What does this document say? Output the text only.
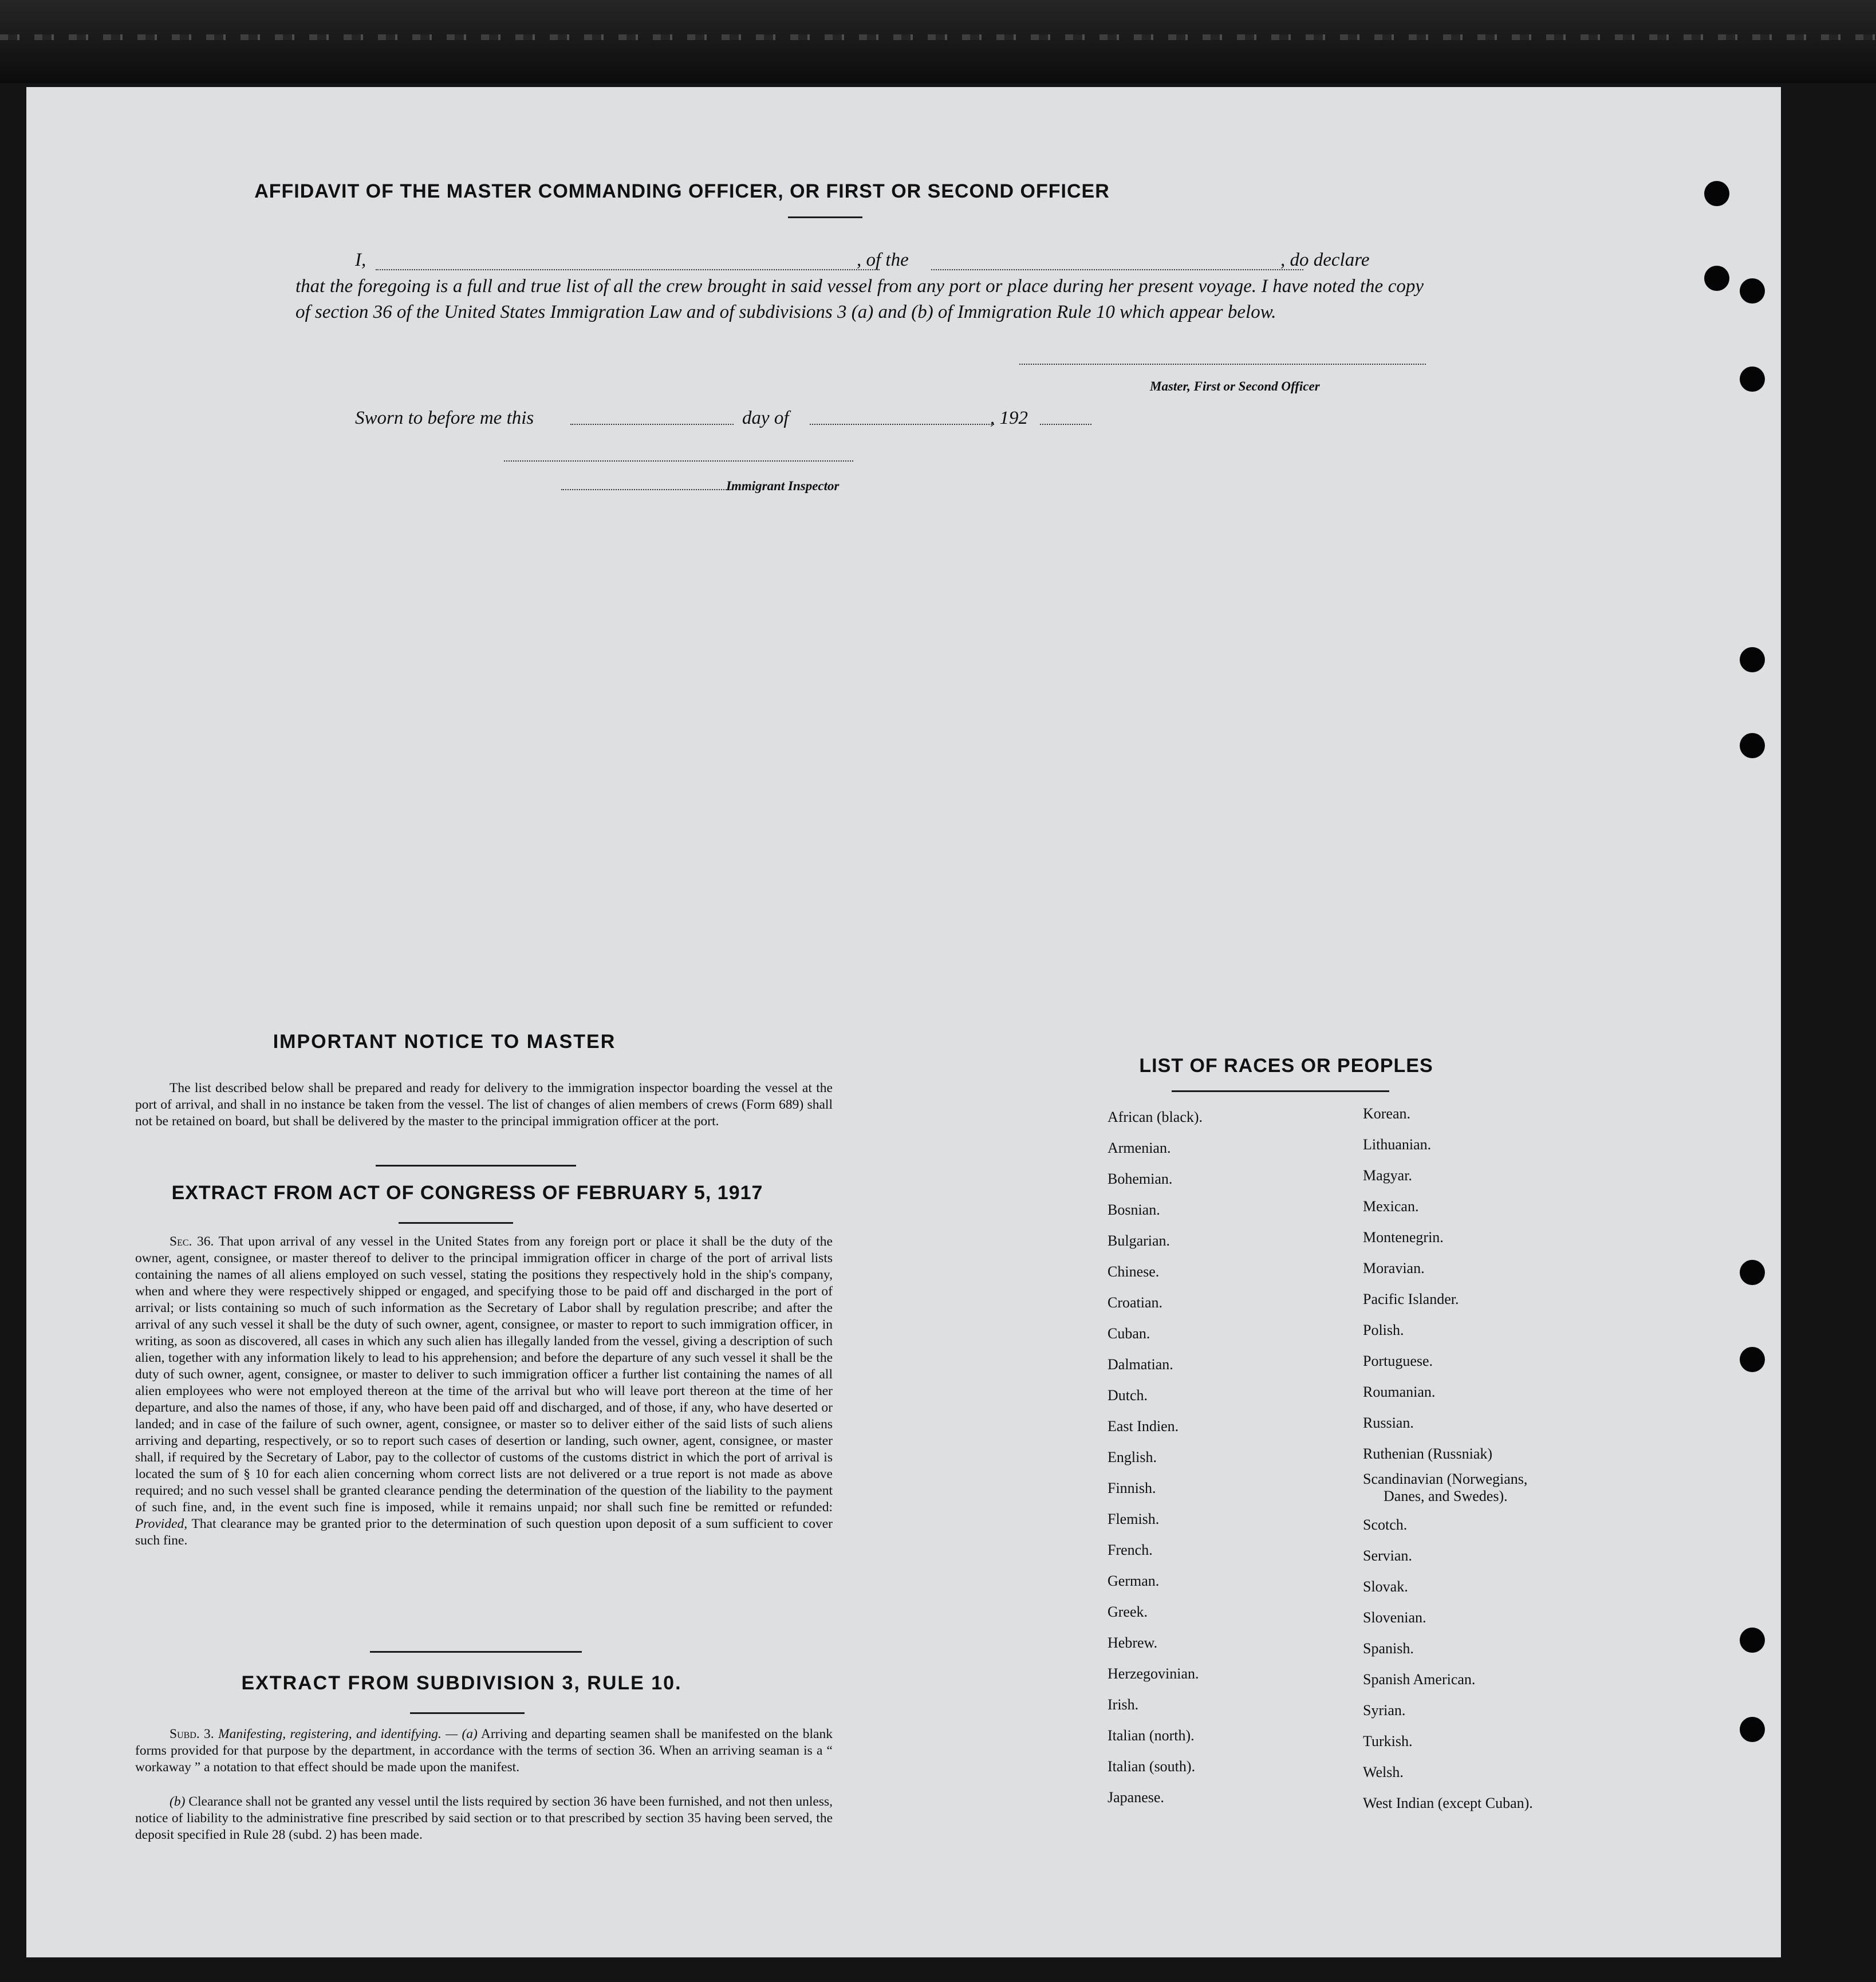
AFFIDAVIT OF THE MASTER COMMANDING OFFICER, OR FIRST OR SECOND OFFICER
I,	, of the	, do declare
that the foregoing is a full and true list of all the crew brought in said vessel from any port or place during her present voyage. I have noted the copy of section 36 of the United States Immigration Law and of subdivisions 3 (a) and (b) of Immigration Rule 10 which appear below.
Master, First or Second Officer
Sworn to before me this	day of	, 192
Immigrant Inspector
IMPORTANT NOTICE TO MASTER
The list described below shall be prepared and ready for delivery to the immigration inspector boarding the vessel at the port of arrival, and shall in no instance be taken from the vessel. The list of changes of alien members of crews (Form 689) shall not be retained on board, but shall be delivered by the master to the principal immigration officer at the port.
EXTRACT FROM ACT OF CONGRESS OF FEBRUARY 5, 1917
Sec. 36. That upon arrival of any vessel in the United States from any foreign port or place it shall be the duty of the owner, agent, consignee, or master thereof to deliver to the principal immigration officer in charge of the port of arrival lists containing the names of all aliens employed on such vessel, stating the positions they respectively hold in the ship's company, when and where they were respectively shipped or engaged, and specifying those to be paid off and discharged in the port of arrival; or lists containing so much of such information as the Secretary of Labor shall by regulation prescribe; and after the arrival of any such vessel it shall be the duty of such owner, agent, consignee, or master to report to such immigration officer, in writing, as soon as discovered, all cases in which any such alien has illegally landed from the vessel, giving a description of such alien, together with any information likely to lead to his apprehension; and before the departure of any such vessel it shall be the duty of such owner, agent, consignee, or master to deliver to such immigration officer a further list containing the names of all alien employees who were not employed thereon at the time of the arrival but who will leave port thereon at the time of her departure, and also the names of those, if any, who have been paid off and discharged, and of those, if any, who have deserted or landed; and in case of the failure of such owner, agent, consignee, or master so to deliver either of the said lists of such aliens arriving and departing, respectively, or so to report such cases of desertion or landing, such owner, agent, consignee, or master shall, if required by the Secretary of Labor, pay to the collector of customs of the customs district in which the port of arrival is located the sum of § 10 for each alien concerning whom correct lists are not delivered or a true report is not made as above required; and no such vessel shall be granted clearance pending the determination of the question of the liability to the payment of such fine, and, in the event such fine is imposed, while it remains unpaid; nor shall such fine be remitted or refunded: Provided, That clearance may be granted prior to the determination of such question upon deposit of a sum sufficient to cover such fine.
EXTRACT FROM SUBDIVISION 3, RULE 10.
Subd. 3. Manifesting, registering, and identifying. — (a) Arriving and departing seamen shall be manifested on the blank forms provided for that purpose by the department, in accordance with the terms of section 36. When an arriving seaman is a “ workaway ” a notation to that effect should be made upon the manifest.
(b) Clearance shall not be granted any vessel until the lists required by section 36 have been furnished, and not then unless, notice of liability to the administrative fine prescribed by said section or to that prescribed by section 35 having been served, the deposit specified in Rule 28 (subd. 2) has been made.
LIST OF RACES OR PEOPLES
African (black).
Armenian.
Bohemian.
Bosnian.
Bulgarian.
Chinese.
Croatian.
Cuban.
Dalmatian.
Dutch.
East Indien.
English.
Finnish.
Flemish.
French.
German.
Greek.
Hebrew.
Herzegovinian.
Irish.
Italian (north).
Italian (south).
Japanese.
Korean.
Lithuanian.
Magyar.
Mexican.
Montenegrin.
Moravian.
Pacific Islander.
Polish.
Portuguese.
Roumanian.
Russian.
Ruthenian (Russniak)
Scandinavian (Norwegians,
Danes, and Swedes).
Scotch.
Servian.
Slovak.
Slovenian.
Spanish.
Spanish American.
Syrian.
Turkish.
Welsh.
West Indian (except Cuban).
